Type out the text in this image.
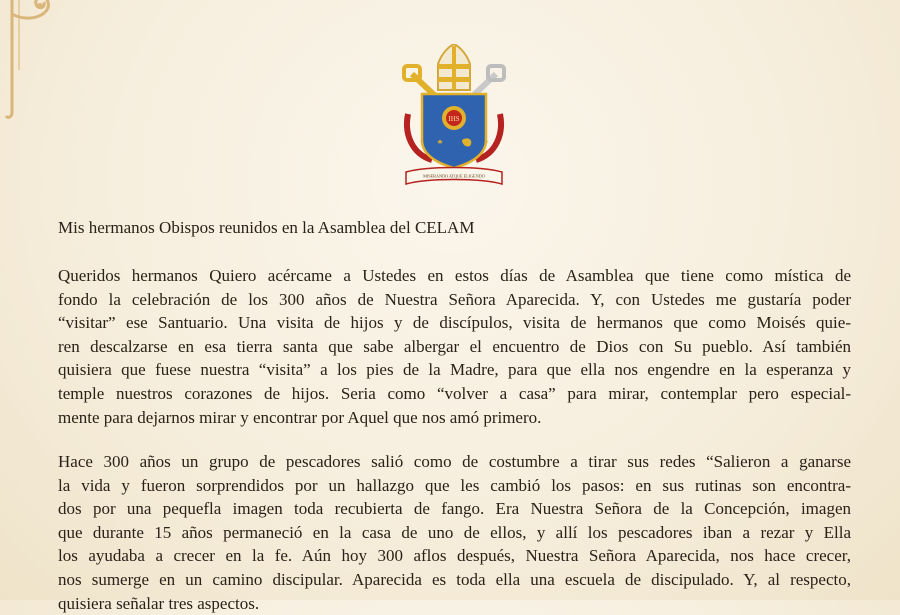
IHS
MISERANDO ATQUE ELIGENDO

Mis hermanos Obispos reunidos en la Asamblea del CELAM

Queridos hermanos Quiero acércame a Ustedes en estos días de Asamblea que tiene como mística de
fondo la celebración de los 300 años de Nuestra Señora Aparecida. Y, con Ustedes me gustaría poder
“visitar” ese Santuario. Una visita de hijos y de discípulos, visita de hermanos que como Moisés quie-
ren descalzarse en esa tierra santa que sabe albergar el encuentro de Dios con Su pueblo. Así también
quisiera que fuese nuestra “visita” a los pies de la Madre, para que ella nos engendre en la esperanza y
temple nuestros corazones de hijos. Seria como “volver a casa” para mirar, contemplar pero especial-
mente para dejarnos mirar y encontrar por Aquel que nos amó primero.
Hace 300 años un grupo de pescadores salió como de costumbre a tirar sus redes “Salieron a ganarse
la vida y fueron sorprendidos por un hallazgo que les cambió los pasos: en sus rutinas son encontra-
dos por una pequefla imagen toda recubierta de fango. Era Nuestra Señora de la Concepción, imagen
que durante 15 años permaneció en la casa de uno de ellos, y allí los pescadores iban a rezar y Ella
los ayudaba a crecer en la fe. Aún hoy 300 aflos después, Nuestra Señora Aparecida, nos hace crecer,
nos sumerge en un camino discipular. Aparecida es toda ella una escuela de discipulado. Y, al respecto,
quisiera señalar tres aspectos.
